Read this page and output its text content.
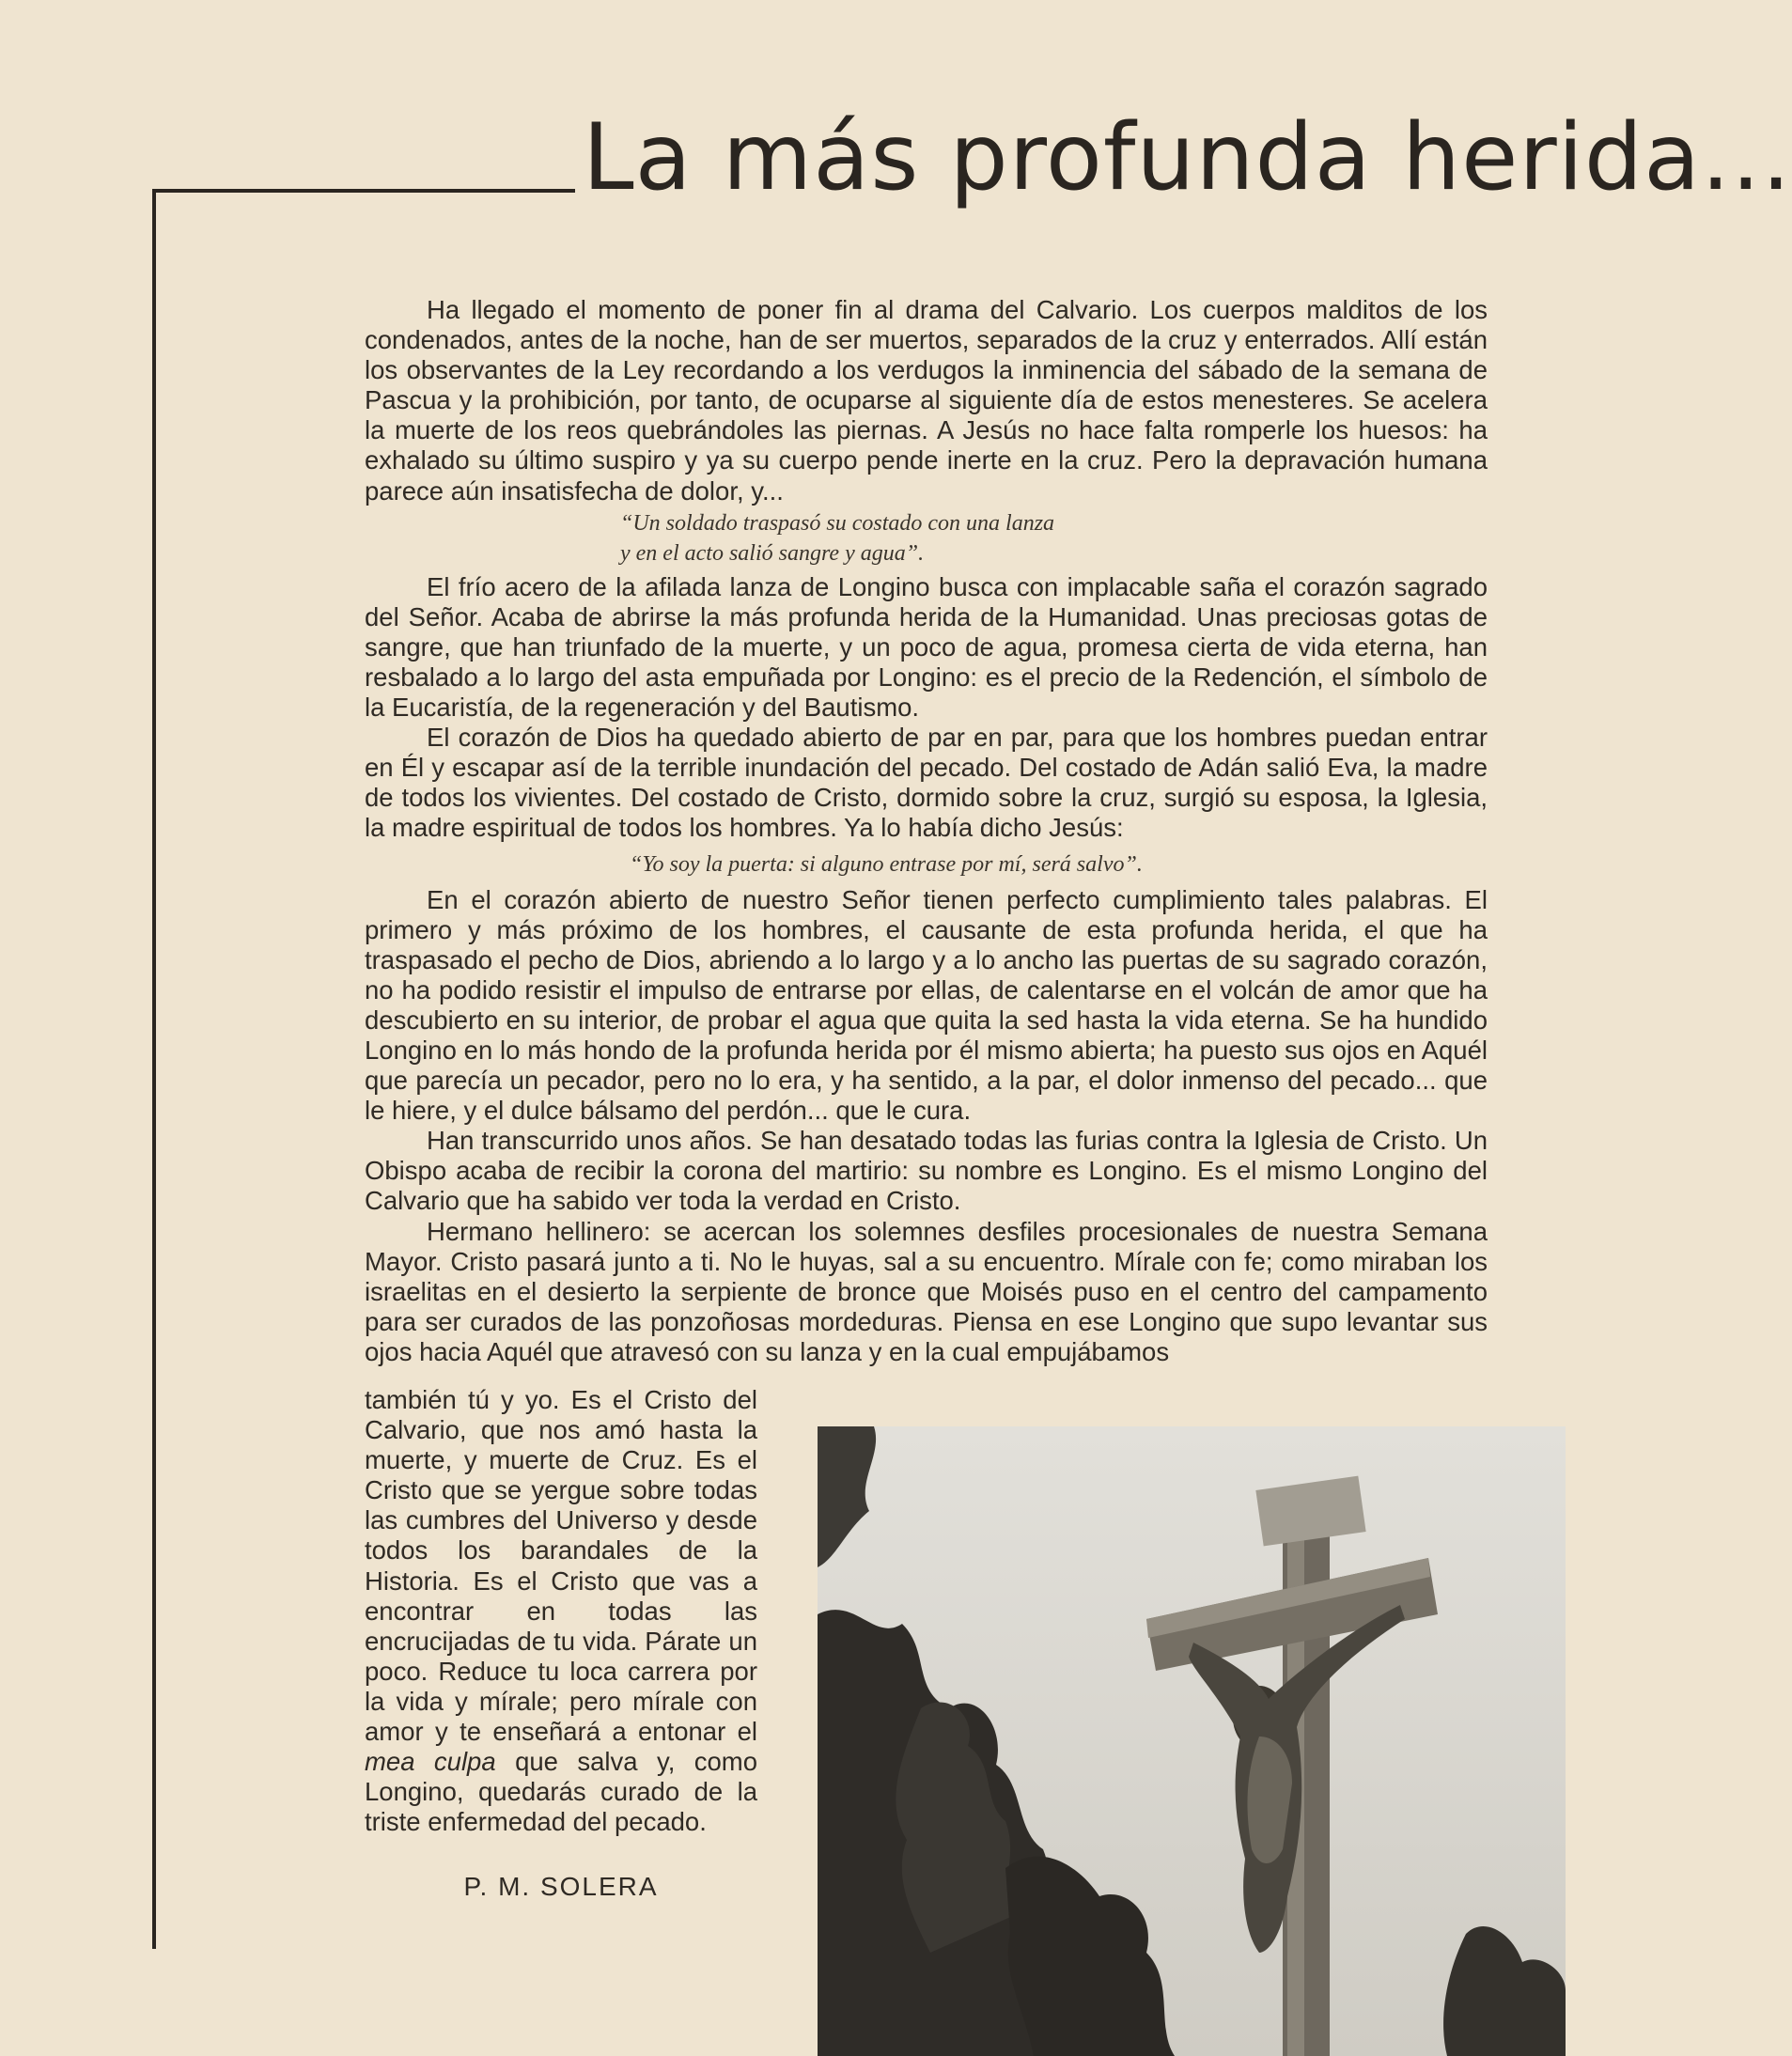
La más profunda herida...

Ha llegado el momento de poner fin al drama del Calvario. Los cuerpos malditos de los condenados, antes de la noche, han de ser muertos, separados de la cruz y enterrados. Allí están los observantes de la Ley recordando a los verdugos la inminencia del sábado de la semana de Pascua y la prohibición, por tanto, de ocuparse al siguiente día de estos menesteres. Se acelera la muerte de los reos quebrándoles las piernas. A Jesús no hace falta romperle los huesos: ha exhalado su último suspiro y ya su cuerpo pende inerte en la cruz. Pero la depravación humana parece aún insatisfecha de dolor, y...

“Un soldado traspasó su costado con una lanza
y en el acto salió sangre y agua”.

El frío acero de la afilada lanza de Longino busca con implacable saña el corazón sagrado del Señor. Acaba de abrirse la más profunda herida de la Humanidad. Unas preciosas gotas de sangre, que han triunfado de la muerte, y un poco de agua, promesa cierta de vida eterna, han resbalado a lo largo del asta empuñada por Longino: es el precio de la Redención, el símbolo de la Eucaristía, de la regeneración y del Bautismo.

El corazón de Dios ha quedado abierto de par en par, para que los hombres puedan entrar en Él y escapar así de la terrible inundación del pecado. Del costado de Adán salió Eva, la madre de todos los vivientes. Del costado de Cristo, dormido sobre la cruz, surgió su esposa, la Iglesia, la madre espiritual de todos los hombres. Ya lo había dicho Jesús:

“Yo soy la puerta: si alguno entrase por mí, será salvo”.

En el corazón abierto de nuestro Señor tienen perfecto cumplimiento tales palabras. El primero y más próximo de los hombres, el causante de esta profunda herida, el que ha traspasado el pecho de Dios, abriendo a lo largo y a lo ancho las puertas de su sagrado corazón, no ha podido resistir el impulso de entrarse por ellas, de calentarse en el volcán de amor que ha descubierto en su interior, de probar el agua que quita la sed hasta la vida eterna. Se ha hundido Longino en lo más hondo de la profunda herida por él mismo abierta; ha puesto sus ojos en Aquél que parecía un pecador, pero no lo era, y ha sentido, a la par, el dolor inmenso del pecado... que le hiere, y el dulce bálsamo del perdón... que le cura.

Han transcurrido unos años. Se han desatado todas las furias contra la Iglesia de Cristo. Un Obispo acaba de recibir la corona del martirio: su nombre es Longino. Es el mismo Longino del Calvario que ha sabido ver toda la verdad en Cristo.

Hermano hellinero: se acercan los solemnes desfiles procesionales de nuestra Semana Mayor. Cristo pasará junto a ti. No le huyas, sal a su encuentro. Mírale con fe; como miraban los israelitas en el desierto la serpiente de bronce que Moisés puso en el centro del campamento para ser curados de las ponzoñosas mordeduras. Piensa en ese Longino que supo levantar sus ojos hacia Aquél que atravesó con su lanza y en la cual empujábamos

también tú y yo. Es el Cristo del Calvario, que nos amó hasta la muerte, y muerte de Cruz. Es el Cristo que se yergue sobre todas las cumbres del Universo y desde todos los barandales de la Historia. Es el Cristo que vas a encontrar en todas las encrucijadas de tu vida. Párate un poco. Reduce tu loca carrera por la vida y mírale; pero mírale con amor y te enseñará a entonar el mea culpa que salva y, como Longino, quedarás curado de la triste enfermedad del pecado.

P. M. SOLERA
